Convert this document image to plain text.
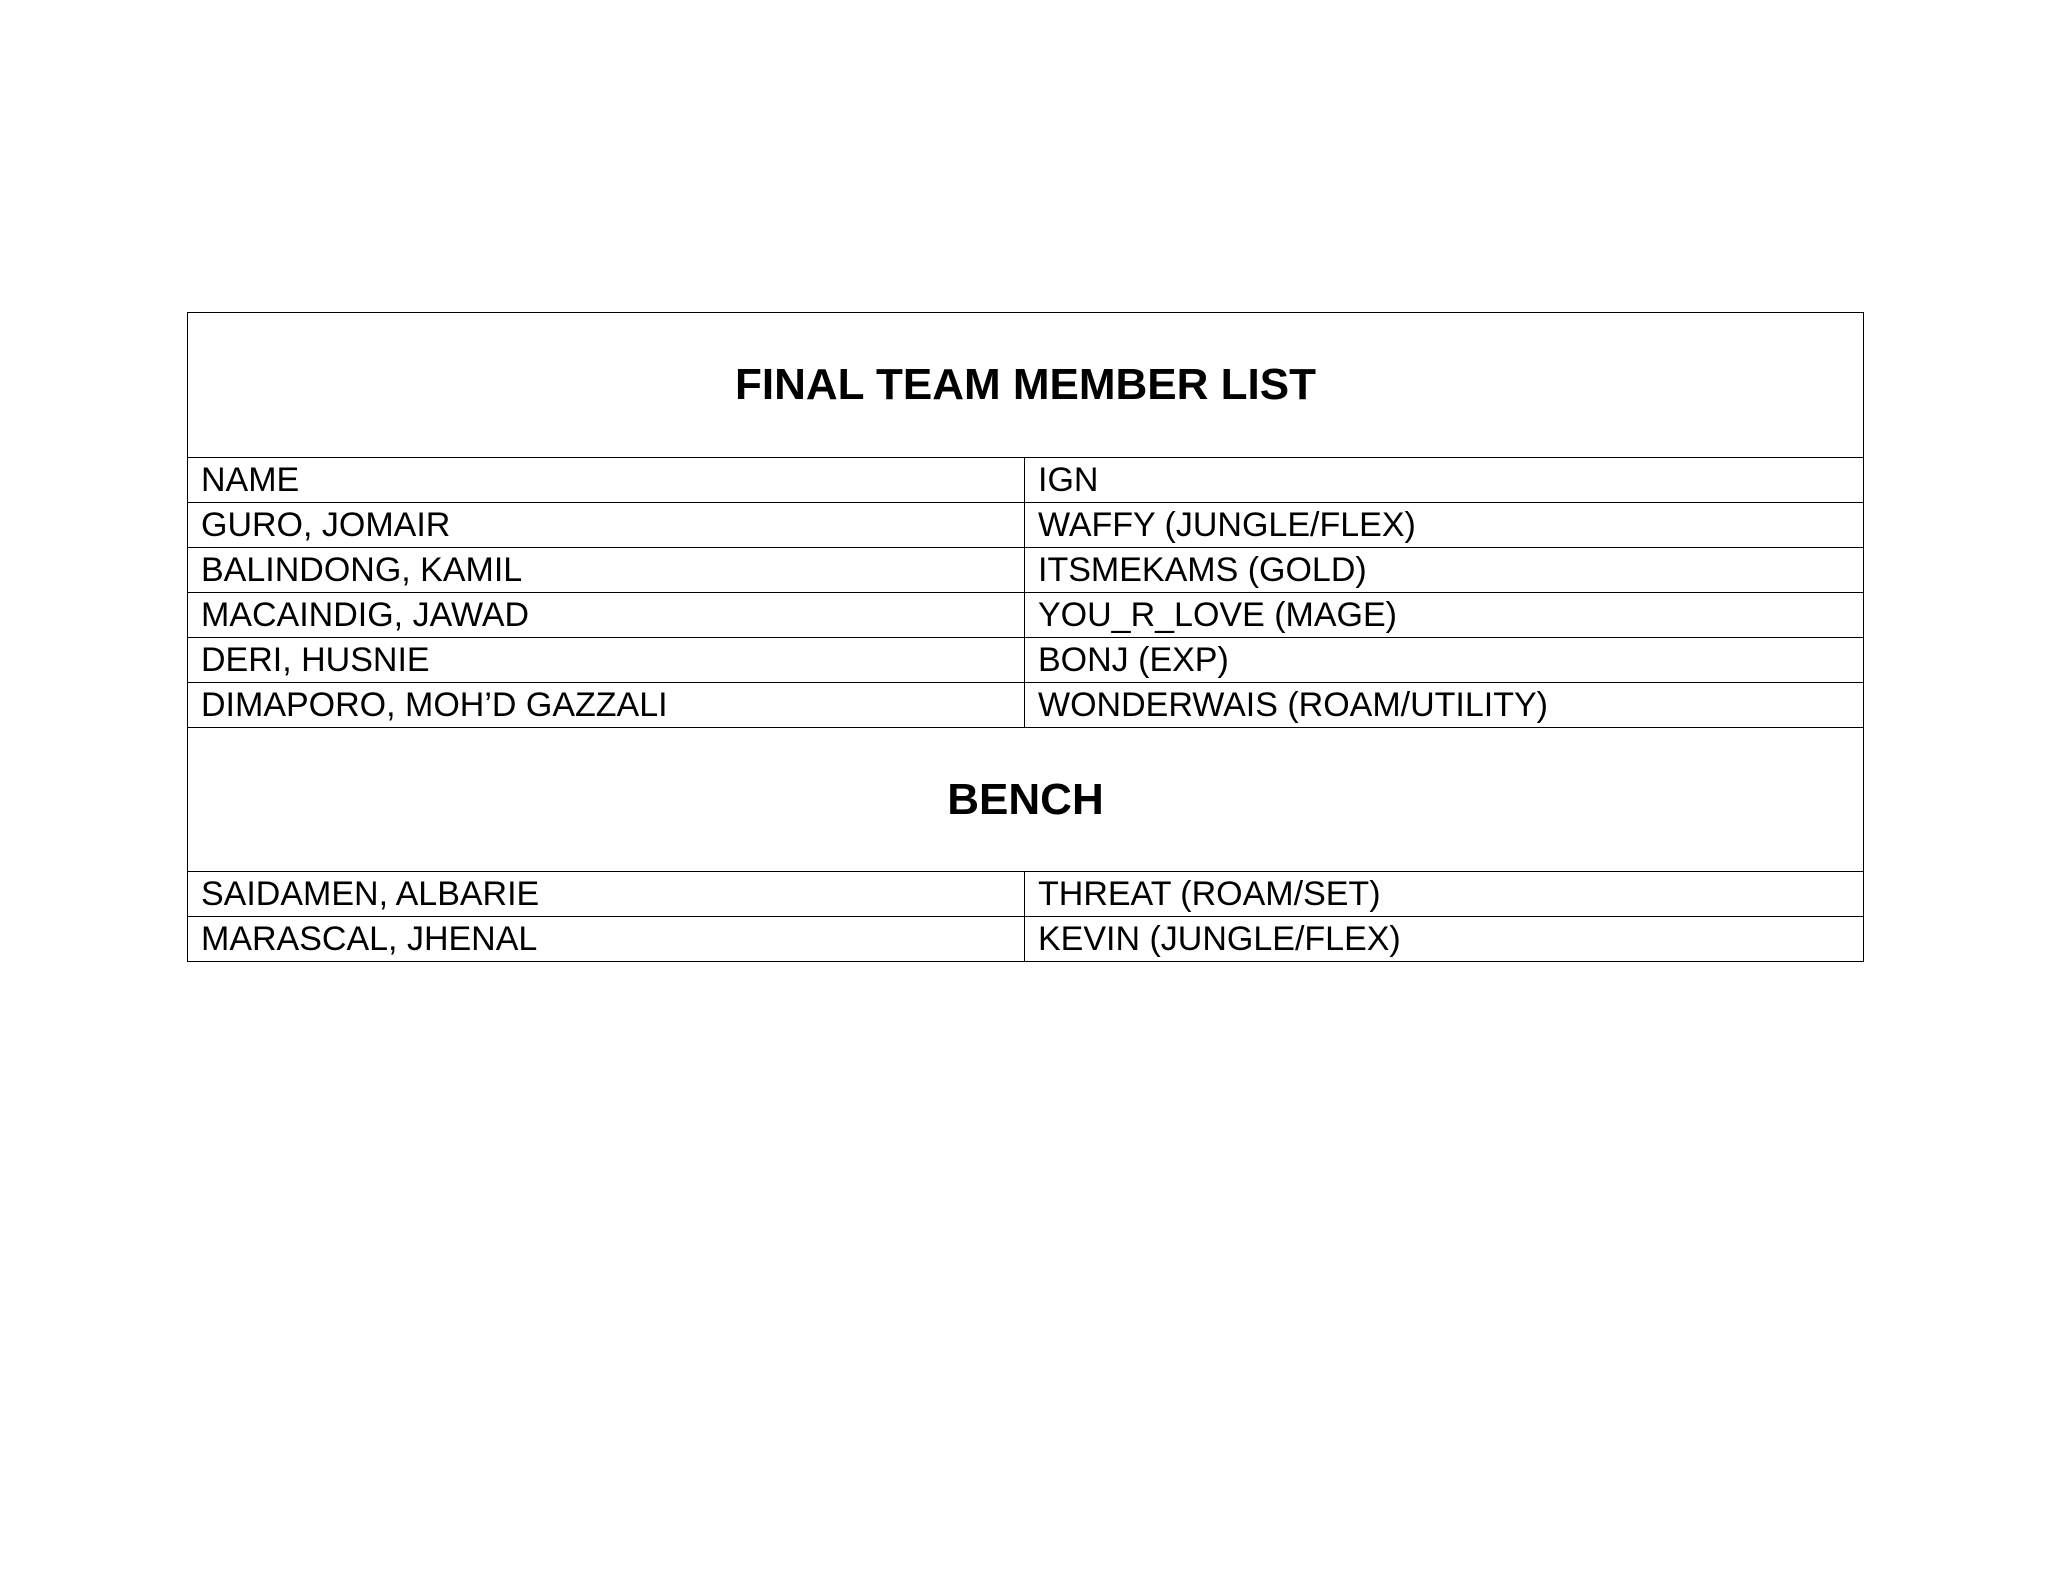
FINAL TEAM MEMBER LIST	
NAME	IGN
GURO, JOMAIR	WAFFY (JUNGLE/FLEX)
BALINDONG, KAMIL	ITSMEKAMS (GOLD)
MACAINDIG, JAWAD	YOU_R_LOVE (MAGE)
DERI, HUSNIE	BONJ (EXP)
DIMAPORO, MOH’D GAZZALI	WONDERWAIS (ROAM/UTILITY)
BENCH	
SAIDAMEN, ALBARIE	THREAT (ROAM/SET)
MARASCAL, JHENAL	KEVIN (JUNGLE/FLEX)
